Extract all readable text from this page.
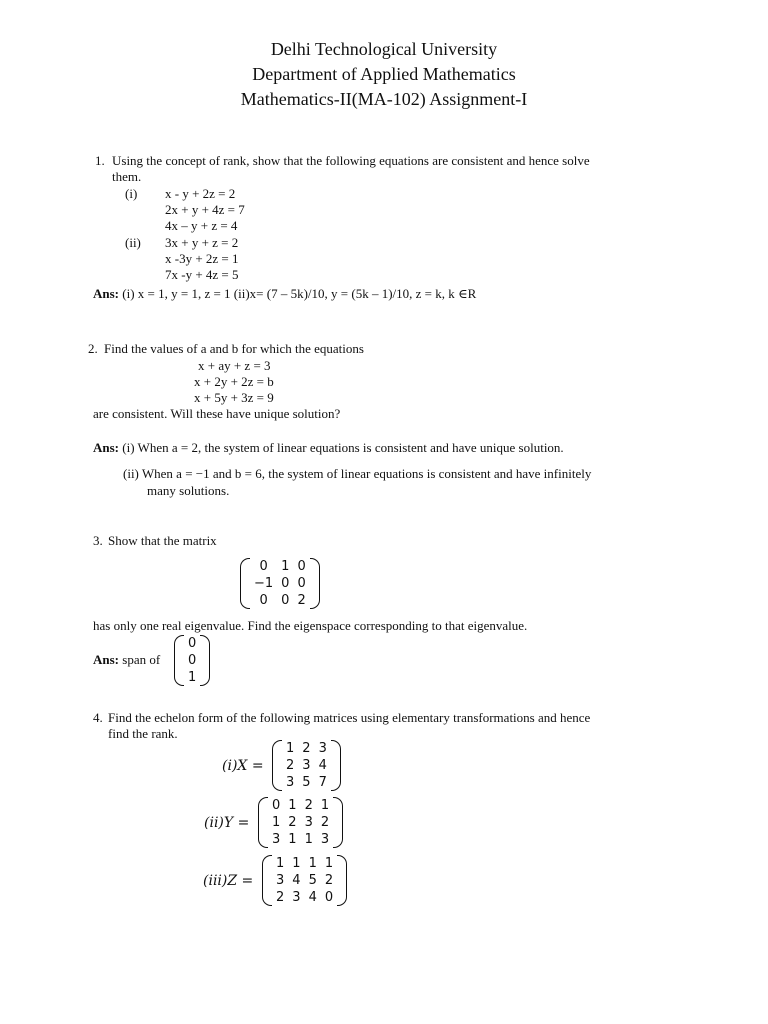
Delhi Technological University
Department of Applied Mathematics
Mathematics-II(MA-102) Assignment-I
1. Using the concept of rank, show that the following equations are consistent and hence solve
them.
(i) x - y + 2z = 2
2x + y + 4z = 7
4x – y + z = 4
(ii) 3x + y + z = 2
x -3y + 2z = 1
7x -y + 4z = 5
Ans: (i) x = 1, y = 1, z = 1 (ii)x= (7 – 5k)/10, y = (5k – 1)/10, z = k, k ∈R
2. Find the values of a and b for which the equations
x + ay + z = 3
x + 2y + 2z = b
x + 5y + 3z = 9
are consistent. Will these have unique solution?
Ans: (i) When a = 2, the system of linear equations is consistent and have unique solution.
(ii) When a = −1 and b = 6, the system of linear equations is consistent and have infinitely
many solutions.
3. Show that the matrix
0	1	0
−1	0	0
0	0	2
has only one real eigenvalue. Find the eigenspace corresponding to that eigenvalue.
Ans: span of
0
0
1
4. Find the echelon form of the following matrices using elementary transformations and hence
find the rank.
(i)X =
1	2	3
2	3	4
3	5	7
(ii)Y =
0	1	2	1
1	2	3	2
3	1	1	3
(iii)Z =
1	1	1	1
3	4	5	2
2	3	4	0
